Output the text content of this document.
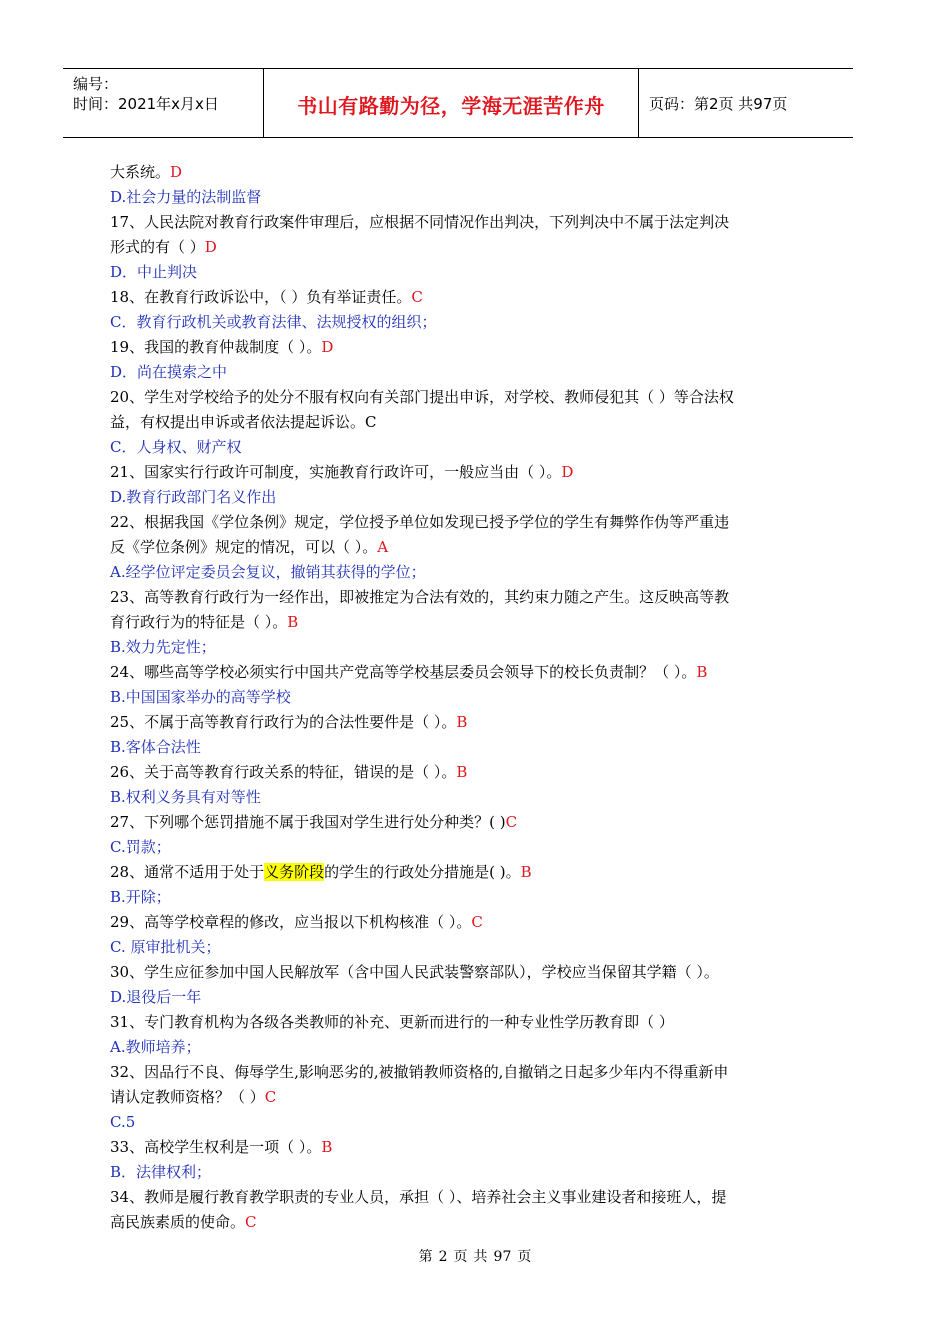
编号：
时间：2021年x月x日	书山有路勤为径，学海无涯苦作舟	页码：第2页 共97页
大系统。D
D.社会力量的法制监督
17、人民法院对教育行政案件审理后，应根据不同情况作出判决，下列判决中不属于法定判决
形式的有（ ）D
D．中止判决
18、在教育行政诉讼中，（ ）负有举证责任。C
C．教育行政机关或教育法律、法规授权的组织；
19、我国的教育仲裁制度（ ）。D
D．尚在摸索之中
20、学生对学校给予的处分不服有权向有关部门提出申诉，对学校、教师侵犯其（ ）等合法权
益，有权提出申诉或者依法提起诉讼。C
C．人身权、财产权
21、国家实行行政许可制度，实施教育行政许可，一般应当由（ ）。D
D.教育行政部门名义作出
22、根据我国《学位条例》规定，学位授予单位如发现已授予学位的学生有舞弊作伪等严重违
反《学位条例》规定的情况，可以（ ）。A
A.经学位评定委员会复议，撤销其获得的学位；
23、高等教育行政行为一经作出，即被推定为合法有效的，其约束力随之产生。这反映高等教
育行政行为的特征是（ ）。B
B.效力先定性；
24、哪些高等学校必须实行中国共产党高等学校基层委员会领导下的校长负责制？（ ）。B
B.中国国家举办的高等学校
25、不属于高等教育行政行为的合法性要件是（ ）。B
B.客体合法性
26、关于高等教育行政关系的特征，错误的是（ ）。B
B.权利义务具有对等性
27、下列哪个惩罚措施不属于我国对学生进行处分种类？( )C
C.罚款；
28、通常不适用于处于义务阶段的学生的行政处分措施是( )。B
B.开除；
29、高等学校章程的修改，应当报以下机构核准（ ）。C
C. 原审批机关；
30、学生应征参加中国人民解放军（含中国人民武装警察部队），学校应当保留其学籍（ ）。
D.退役后一年
31、专门教育机构为各级各类教师的补充、更新而进行的一种专业性学历教育即（ ）
A.教师培养；
32、因品行不良、侮辱学生,影响恶劣的,被撤销教师资格的,自撤销之日起多少年内不得重新申
请认定教师资格？（ ）C
C.5
33、高校学生权利是一项（ ）。B
B．法律权利；
34、教师是履行教育教学职责的专业人员，承担（ ）、培养社会主义事业建设者和接班人，提
高民族素质的使命。C
第 2 页 共 97 页
